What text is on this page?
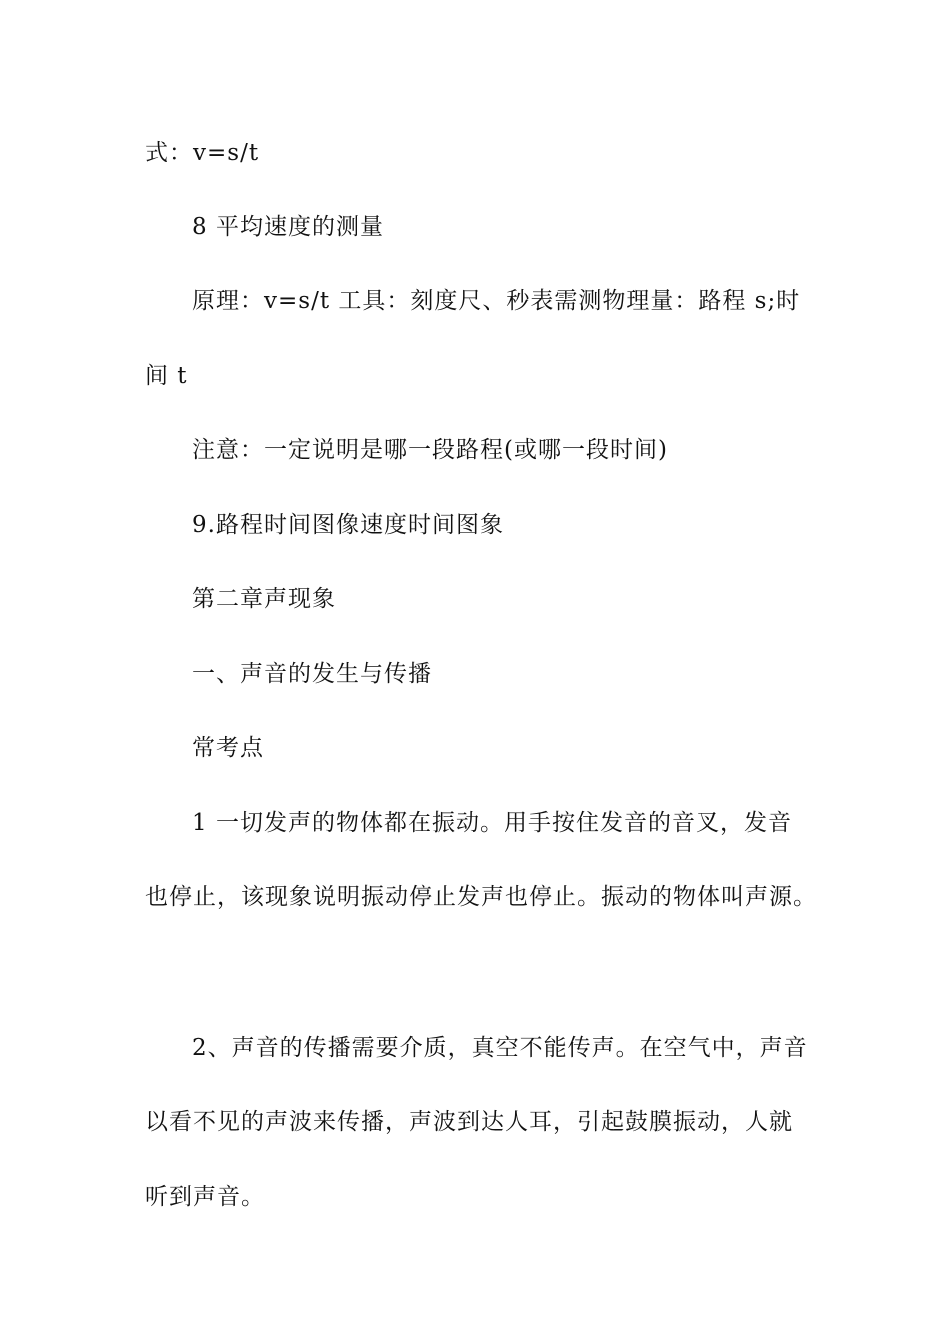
式：v=s/t
8 平均速度的测量
原理：v=s/t 工具：刻度尺、秒表需测物理量：路程 s;时
间 t
注意：一定说明是哪一段路程(或哪一段时间)
9.路程时间图像速度时间图象
第二章声现象
一、声音的发生与传播
常考点
1 一切发声的物体都在振动。用手按住发音的音叉，发音
也停止，该现象说明振动停止发声也停止。振动的物体叫声源。
2、声音的传播需要介质，真空不能传声。在空气中，声音
以看不见的声波来传播，声波到达人耳，引起鼓膜振动，人就
听到声音。
